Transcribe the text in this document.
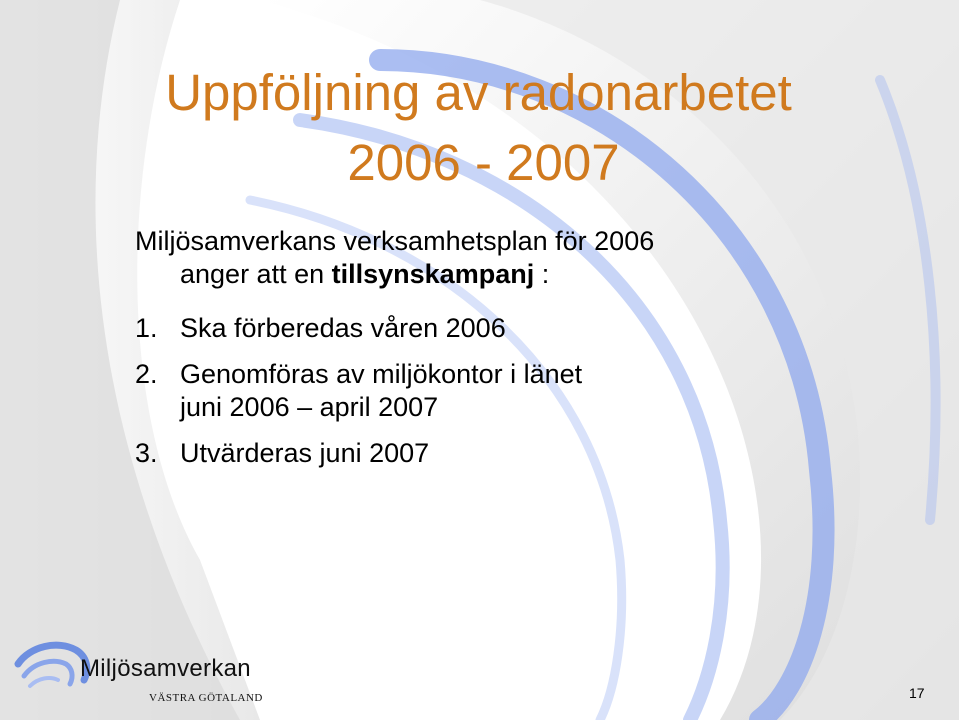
Uppföljning av radonarbetet
2006 - 2007
Miljösamverkans verksamhetsplan för 2006
anger att en tillsynskampanj :
1. Ska förberedas våren 2006
2. Genomföras av miljökontor i länet
juni 2006 – april 2007
3. Utvärderas juni 2007
Miljösamverkan
VÄSTRA GÖTALAND	17
